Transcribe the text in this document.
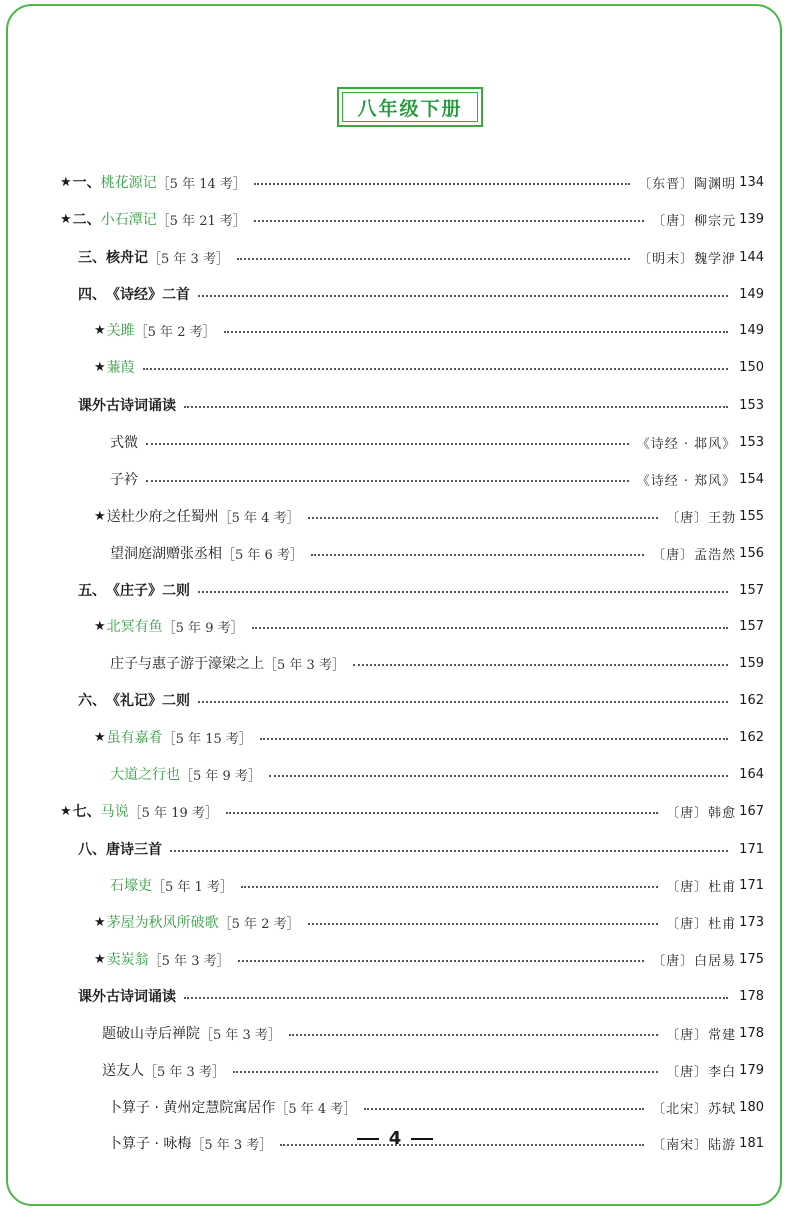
八年级下册
★ 一、 桃花源记 ［5 年 14 考］	〔东晋〕陶渊明 134
★ 二、 小石潭记 ［5 年 21 考］	〔唐〕柳宗元 139
三、 核舟记 ［5 年 3 考］	〔明末〕魏学洢 144
四、 《诗经》二首	149
★ 关雎 ［5 年 2 考］	149
★ 蒹葭	150
课外古诗词诵读	153
式微	《诗经 · 邶风》 153
子衿	《诗经 · 郑风》 154
★ 送杜少府之任蜀州 ［5 年 4 考］	〔唐〕王勃 155
望洞庭湖赠张丞相 ［5 年 6 考］	〔唐〕孟浩然 156
五、 《庄子》二则	157
★ 北冥有鱼 ［5 年 9 考］	157
庄子与惠子游于濠梁之上 ［5 年 3 考］	159
六、 《礼记》二则	162
★ 虽有嘉肴 ［5 年 15 考］	162
大道之行也 ［5 年 9 考］	164
★ 七、 马说 ［5 年 19 考］	〔唐〕韩愈 167
八、 唐诗三首	171
石壕吏 ［5 年 1 考］	〔唐〕杜甫 171
★ 茅屋为秋风所破歌 ［5 年 2 考］	〔唐〕杜甫 173
★ 卖炭翁 ［5 年 3 考］	〔唐〕白居易 175
课外古诗词诵读	178
题破山寺后禅院 ［5 年 3 考］	〔唐〕常建 178
送友人 ［5 年 3 考］	〔唐〕李白 179
卜算子 · 黄州定慧院寓居作 ［5 年 4 考］	〔北宋〕苏轼 180
卜算子 · 咏梅 ［5 年 3 考］	〔南宋〕陆游 181
4
